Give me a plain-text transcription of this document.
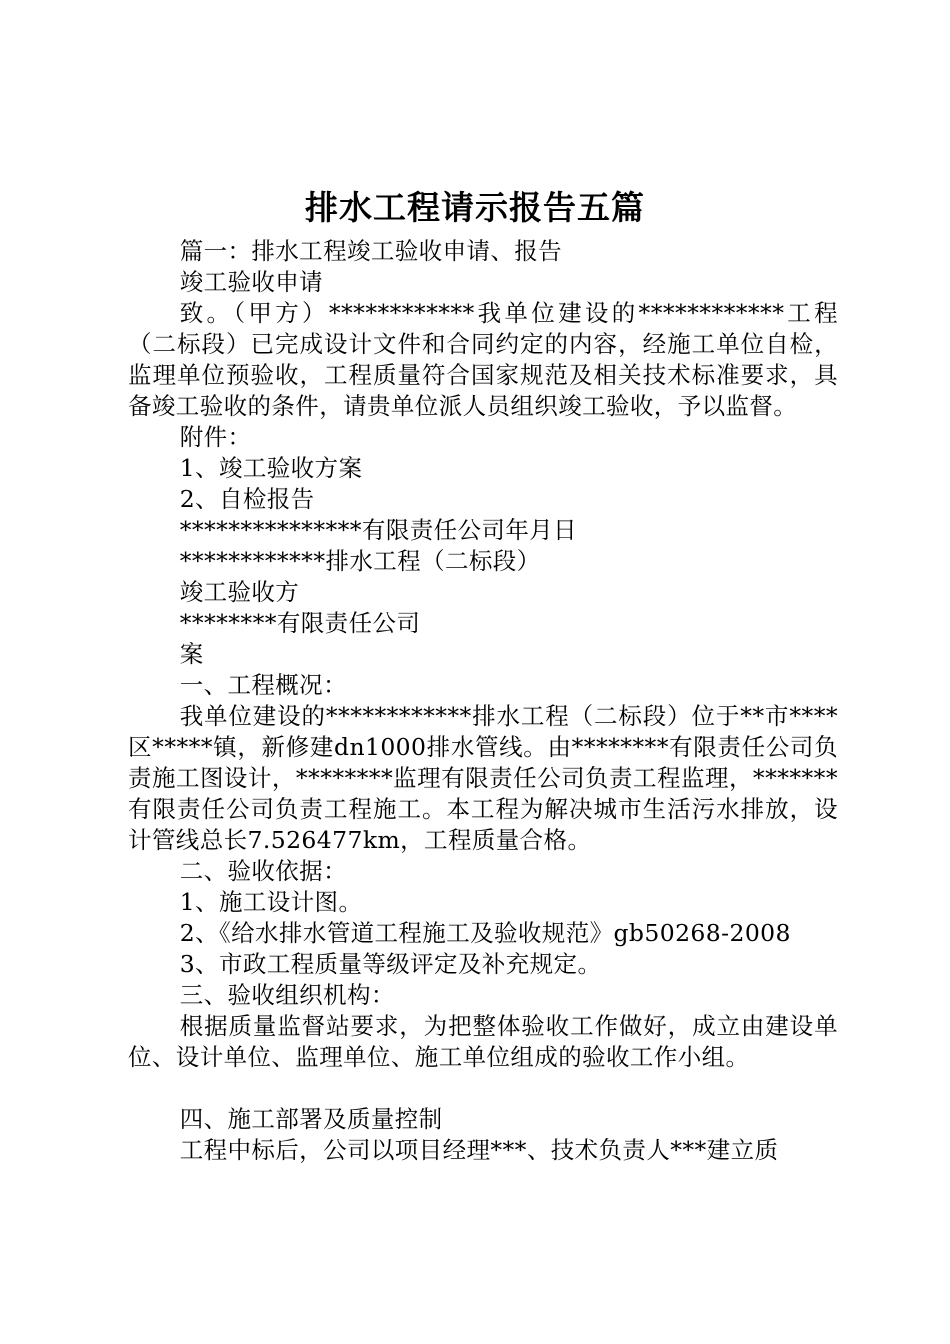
排水工程请示报告五篇

篇一：排水工程竣工验收申请、报告

竣工验收申请

致。（甲方）************我单位建设的************工程（二标段）已完成设计文件和合同约定的内容，经施工单位自检，监理单位预验收，工程质量符合国家规范及相关技术标准要求，具备竣工验收的条件，请贵单位派人员组织竣工验收，予以监督。

附件：

1、竣工验收方案

2、自检报告

***************有限责任公司年月日

************排水工程（二标段）

竣工验收方

********有限责任公司

案

一、工程概况：

我单位建设的************排水工程（二标段）位于**市****区*****镇，新修建dn1000排水管线。由********有限责任公司负责施工图设计，********监理有限责任公司负责工程监理，*******有限责任公司负责工程施工。本工程为解决城市生活污水排放，设计管线总长7.526477km，工程质量合格。

二、验收依据：

1、施工设计图。

2、《给水排水管道工程施工及验收规范》gb50268-2008

3、市政工程质量等级评定及补充规定。

三、验收组织机构：

根据质量监督站要求，为把整体验收工作做好，成立由建设单位、设计单位、监理单位、施工单位组成的验收工作小组。

四、施工部署及质量控制

工程中标后，公司以项目经理***、技术负责人***建立质
